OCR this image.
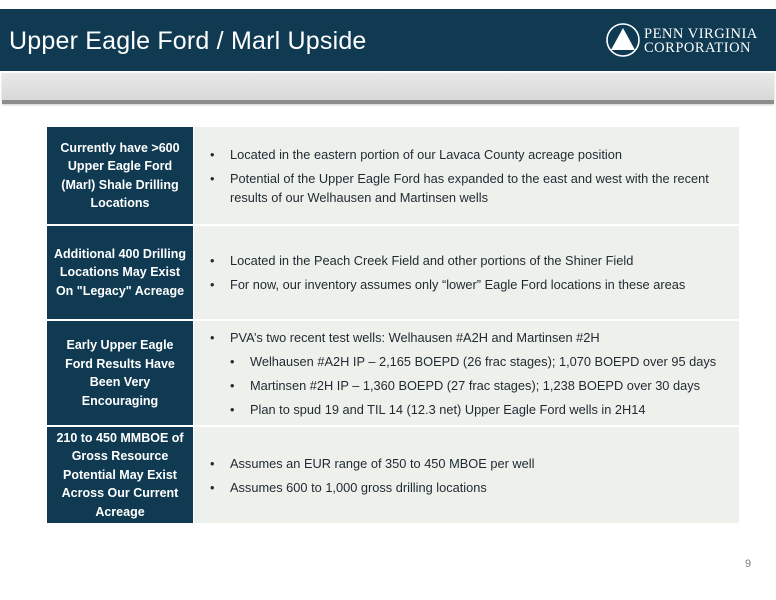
Upper Eagle Ford / Marl Upside	PENN VIRGINIA
CORPORATION
Currently have >600 Upper Eagle Ford (Marl) Shale Drilling Locations
• Located in the eastern portion of our Lavaca County acreage position
• Potential of the Upper Eagle Ford has expanded to the east and west with the recent results of our Welhausen and Martinsen wells
Additional 400 Drilling Locations May Exist On "Legacy" Acreage
• Located in the Peach Creek Field and other portions of the Shiner Field
• For now, our inventory assumes only “lower” Eagle Ford locations in these areas
Early Upper Eagle Ford Results Have Been Very Encouraging
• PVA’s two recent test wells: Welhausen #A2H and Martinsen #2H
• Welhausen #A2H IP – 2,165 BOEPD (26 frac stages); 1,070 BOEPD over 95 days
• Martinsen #2H IP – 1,360 BOEPD (27 frac stages); 1,238 BOEPD over 30 days
• Plan to spud 19 and TIL 14 (12.3 net) Upper Eagle Ford wells in 2H14
210 to 450 MMBOE of Gross Resource Potential May Exist Across Our Current Acreage
• Assumes an EUR range of 350 to 450 MBOE per well
• Assumes 600 to 1,000 gross drilling locations
9
